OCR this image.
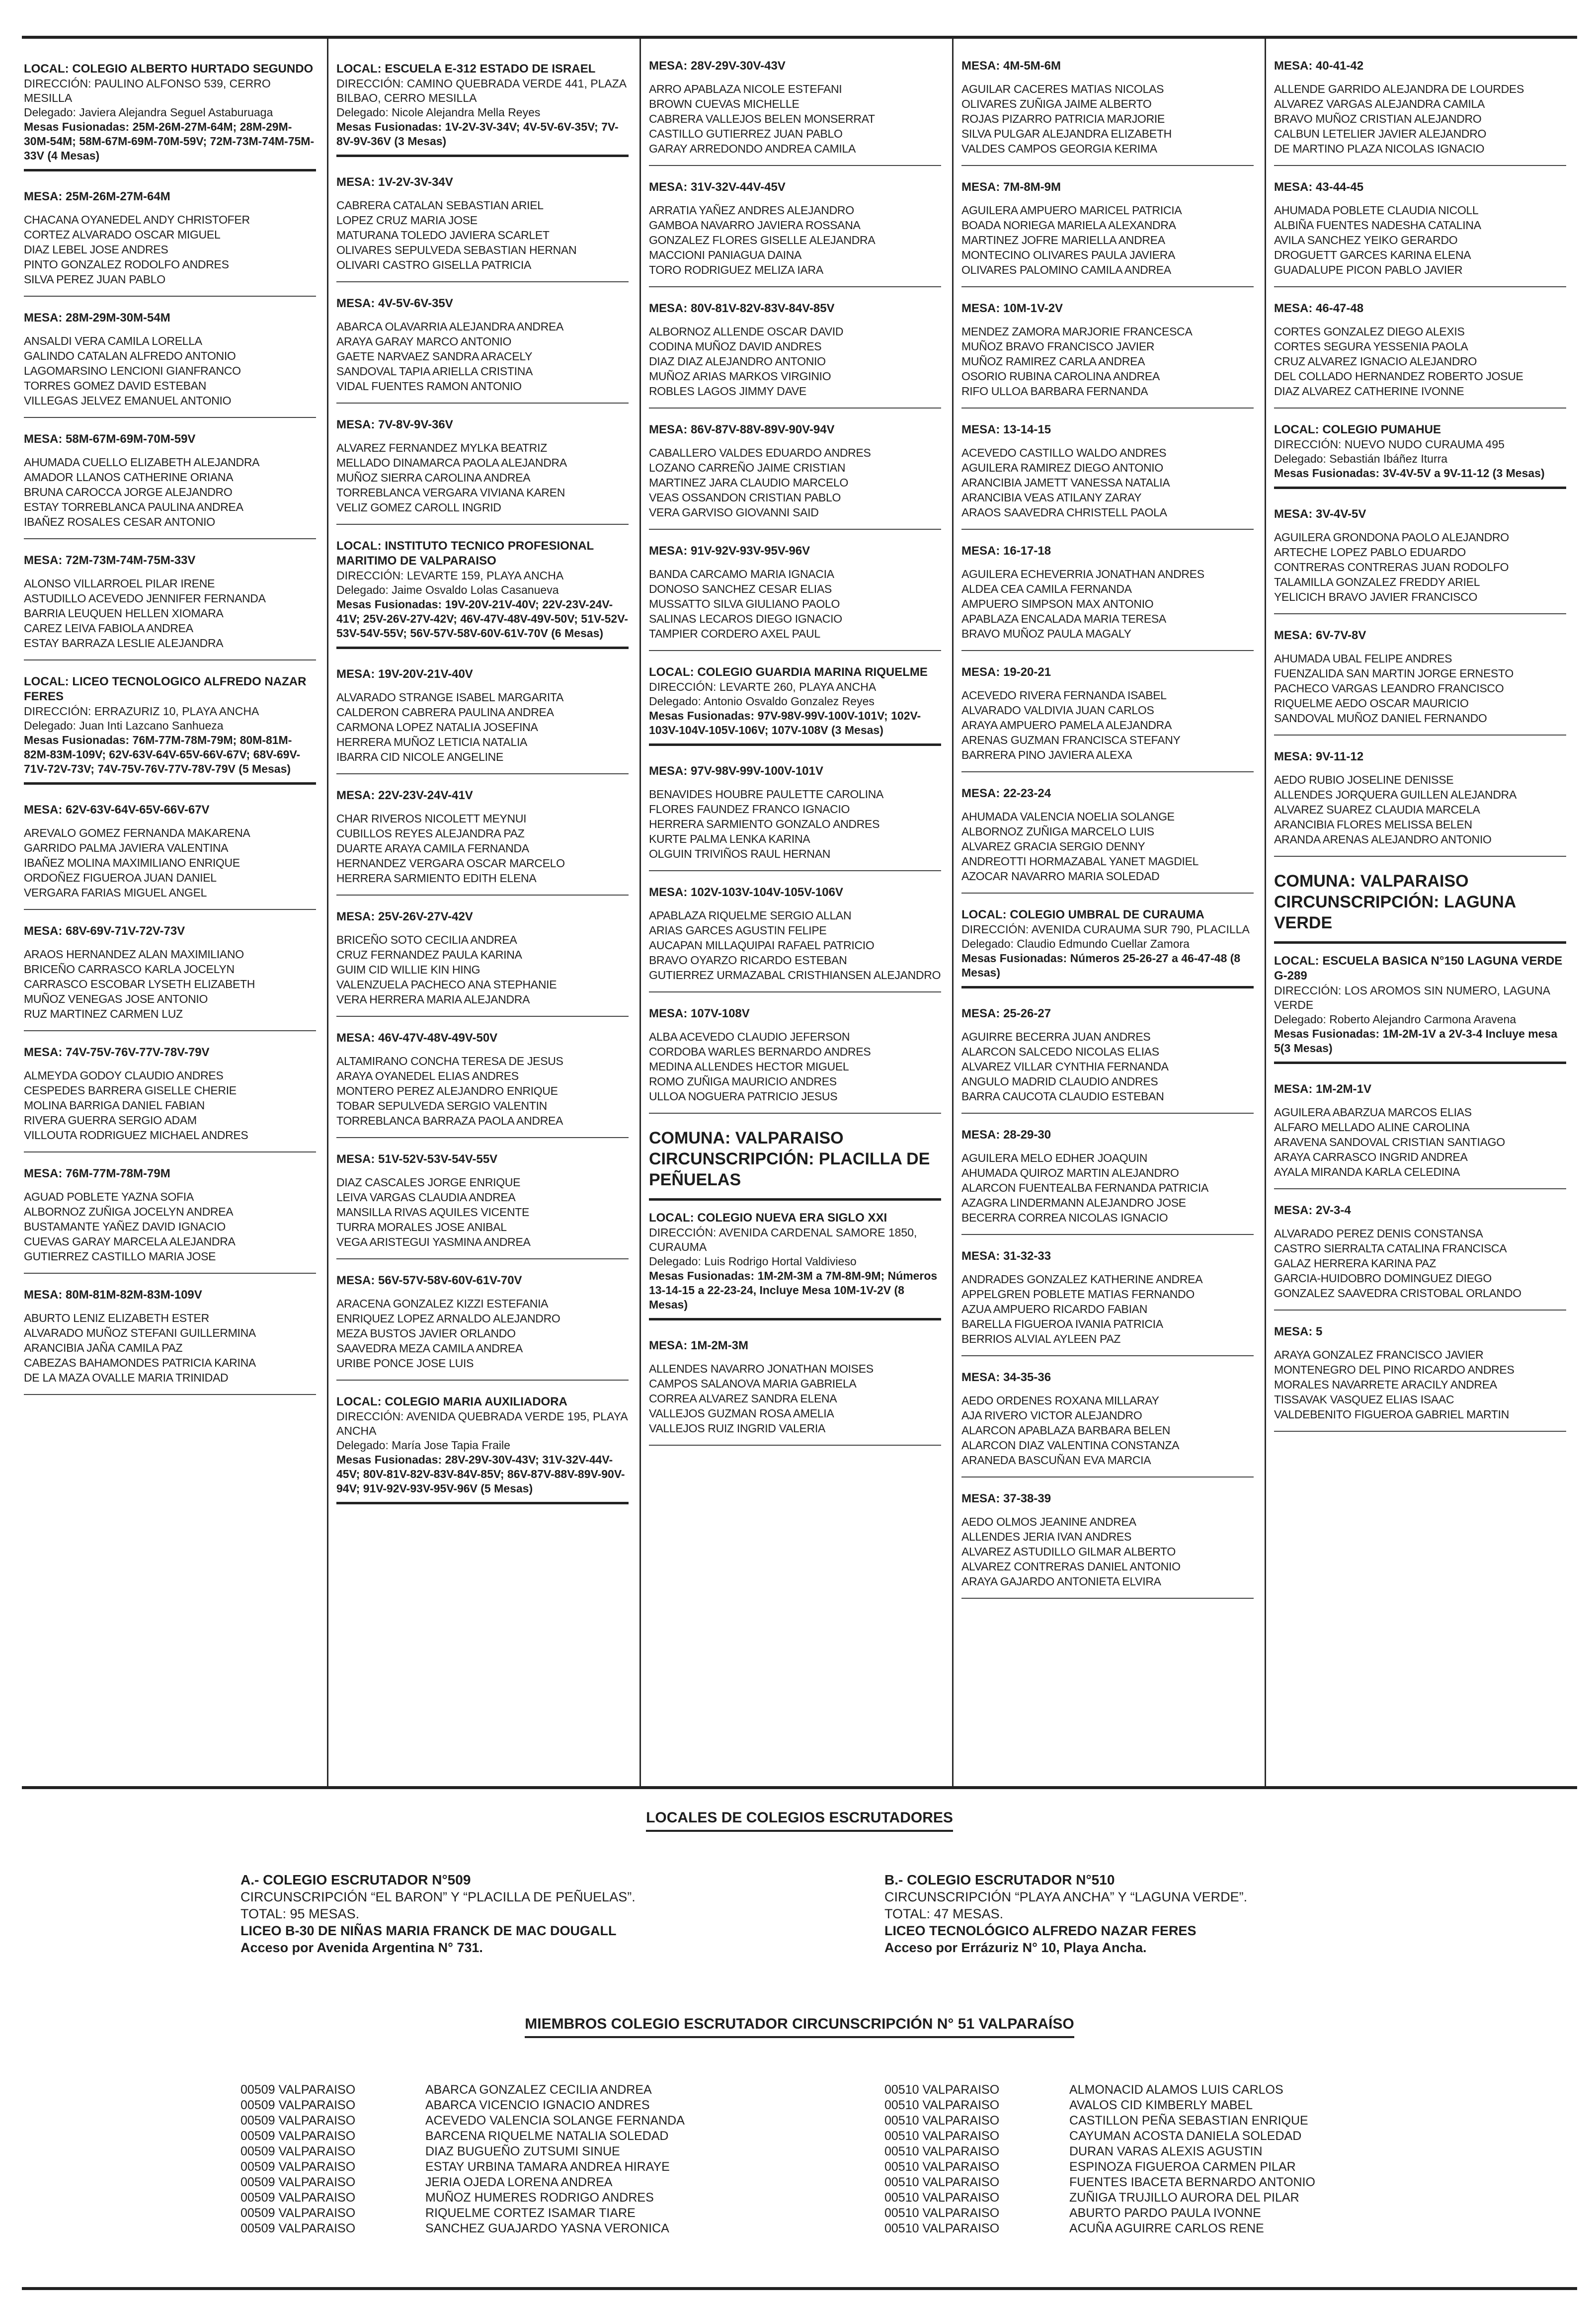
LOCAL: COLEGIO ALBERTO HURTADO SEGUNDO
DIRECCIÓN: PAULINO ALFONSO 539, CERRO MESILLA
Delegado: Javiera Alejandra Seguel Astaburuaga
Mesas Fusionadas: 25M-26M-27M-64M; 28M-29M-30M-54M; 58M-67M-69M-70M-59V; 72M-73M-74M-75M-33V (4 Mesas)
MESA: 25M-26M-27M-64M
CHACANA OYANEDEL ANDY CHRISTOFER
CORTEZ ALVARADO OSCAR MIGUEL
DIAZ LEBEL JOSE ANDRES
PINTO GONZALEZ RODOLFO ANDRES
SILVA PEREZ JUAN PABLO
MESA: 28M-29M-30M-54M
ANSALDI VERA CAMILA LORELLA
GALINDO CATALAN ALFREDO ANTONIO
LAGOMARSINO LENCIONI GIANFRANCO
TORRES GOMEZ DAVID ESTEBAN
VILLEGAS JELVEZ EMANUEL ANTONIO
MESA: 58M-67M-69M-70M-59V
AHUMADA CUELLO ELIZABETH ALEJANDRA
AMADOR LLANOS CATHERINE ORIANA
BRUNA CAROCCA JORGE ALEJANDRO
ESTAY TORREBLANCA PAULINA ANDREA
IBAÑEZ ROSALES CESAR ANTONIO
MESA: 72M-73M-74M-75M-33V
ALONSO VILLARROEL PILAR IRENE
ASTUDILLO ACEVEDO JENNIFER FERNANDA
BARRIA LEUQUEN HELLEN XIOMARA
CAREZ LEIVA FABIOLA ANDREA
ESTAY BARRAZA LESLIE ALEJANDRA
LOCAL: LICEO TECNOLOGICO ALFREDO NAZAR FERES
DIRECCIÓN: ERRAZURIZ 10, PLAYA ANCHA
Delegado: Juan Inti Lazcano Sanhueza
Mesas Fusionadas: 76M-77M-78M-79M; 80M-81M-82M-83M-109V; 62V-63V-64V-65V-66V-67V; 68V-69V-71V-72V-73V; 74V-75V-76V-77V-78V-79V (5 Mesas)
MESA: 62V-63V-64V-65V-66V-67V
AREVALO GOMEZ FERNANDA MAKARENA
GARRIDO PALMA JAVIERA VALENTINA
IBAÑEZ MOLINA MAXIMILIANO ENRIQUE
ORDOÑEZ FIGUEROA JUAN DANIEL
VERGARA FARIAS MIGUEL ANGEL
MESA: 68V-69V-71V-72V-73V
ARAOS HERNANDEZ ALAN MAXIMILIANO
BRICEÑO CARRASCO KARLA JOCELYN
CARRASCO ESCOBAR LYSETH ELIZABETH
MUÑOZ VENEGAS JOSE ANTONIO
RUZ MARTINEZ CARMEN LUZ
MESA: 74V-75V-76V-77V-78V-79V
ALMEYDA GODOY CLAUDIO ANDRES
CESPEDES BARRERA GISELLE CHERIE
MOLINA BARRIGA DANIEL FABIAN
RIVERA GUERRA SERGIO ADAM
VILLOUTA RODRIGUEZ MICHAEL ANDRES
MESA: 76M-77M-78M-79M
AGUAD POBLETE YAZNA SOFIA
ALBORNOZ ZUÑIGA JOCELYN ANDREA
BUSTAMANTE YAÑEZ DAVID IGNACIO
CUEVAS GARAY MARCELA ALEJANDRA
GUTIERREZ CASTILLO MARIA JOSE
MESA: 80M-81M-82M-83M-109V
ABURTO LENIZ ELIZABETH ESTER
ALVARADO MUÑOZ STEFANI GUILLERMINA
ARANCIBIA JAÑA CAMILA PAZ
CABEZAS BAHAMONDES PATRICIA KARINA
DE LA MAZA OVALLE MARIA TRINIDAD
LOCAL: ESCUELA E-312 ESTADO DE ISRAEL
DIRECCIÓN: CAMINO QUEBRADA VERDE 441, PLAZA BILBAO, CERRO MESILLA
Delegado: Nicole Alejandra Mella Reyes
Mesas Fusionadas: 1V-2V-3V-34V; 4V-5V-6V-35V; 7V-8V-9V-36V (3 Mesas)
MESA: 1V-2V-3V-34V
CABRERA CATALAN SEBASTIAN ARIEL
LOPEZ CRUZ MARIA JOSE
MATURANA TOLEDO JAVIERA SCARLET
OLIVARES SEPULVEDA SEBASTIAN HERNAN
OLIVARI CASTRO GISELLA PATRICIA
MESA: 4V-5V-6V-35V
ABARCA OLAVARRIA ALEJANDRA ANDREA
ARAYA GARAY MARCO ANTONIO
GAETE NARVAEZ SANDRA ARACELY
SANDOVAL TAPIA ARIELLA CRISTINA
VIDAL FUENTES RAMON ANTONIO
MESA: 7V-8V-9V-36V
ALVAREZ FERNANDEZ MYLKA BEATRIZ
MELLADO DINAMARCA PAOLA ALEJANDRA
MUÑOZ SIERRA CAROLINA ANDREA
TORREBLANCA VERGARA VIVIANA KAREN
VELIZ GOMEZ CAROLL INGRID
LOCAL: INSTITUTO TECNICO PROFESIONAL MARITIMO DE VALPARAISO
DIRECCIÓN: LEVARTE 159, PLAYA ANCHA
Delegado: Jaime Osvaldo Lolas Casanueva
Mesas Fusionadas: 19V-20V-21V-40V; 22V-23V-24V-41V; 25V-26V-27V-42V; 46V-47V-48V-49V-50V; 51V-52V-53V-54V-55V; 56V-57V-58V-60V-61V-70V (6 Mesas)
MESA: 19V-20V-21V-40V
ALVARADO STRANGE ISABEL MARGARITA
CALDERON CABRERA PAULINA ANDREA
CARMONA LOPEZ NATALIA JOSEFINA
HERRERA MUÑOZ LETICIA NATALIA
IBARRA CID NICOLE ANGELINE
MESA: 22V-23V-24V-41V
CHAR RIVEROS NICOLETT MEYNUI
CUBILLOS REYES ALEJANDRA PAZ
DUARTE ARAYA CAMILA FERNANDA
HERNANDEZ VERGARA OSCAR MARCELO
HERRERA SARMIENTO EDITH ELENA
MESA: 25V-26V-27V-42V
BRICEÑO SOTO CECILIA ANDREA
CRUZ FERNANDEZ PAULA KARINA
GUIM CID WILLIE KIN HING
VALENZUELA PACHECO ANA STEPHANIE
VERA HERRERA MARIA ALEJANDRA
MESA: 46V-47V-48V-49V-50V
ALTAMIRANO CONCHA TERESA DE JESUS
ARAYA OYANEDEL ELIAS ANDRES
MONTERO PEREZ ALEJANDRO ENRIQUE
TOBAR SEPULVEDA SERGIO VALENTIN
TORREBLANCA BARRAZA PAOLA ANDREA
MESA: 51V-52V-53V-54V-55V
DIAZ CASCALES JORGE ENRIQUE
LEIVA VARGAS CLAUDIA ANDREA
MANSILLA RIVAS AQUILES VICENTE
TURRA MORALES JOSE ANIBAL
VEGA ARISTEGUI YASMINA ANDREA
MESA: 56V-57V-58V-60V-61V-70V
ARACENA GONZALEZ KIZZI ESTEFANIA
ENRIQUEZ LOPEZ ARNALDO ALEJANDRO
MEZA BUSTOS JAVIER ORLANDO
SAAVEDRA MEZA CAMILA ANDREA
URIBE PONCE JOSE LUIS
LOCAL: COLEGIO MARIA AUXILIADORA
DIRECCIÓN: AVENIDA QUEBRADA VERDE 195, PLAYA ANCHA
Delegado: María Jose Tapia Fraile
Mesas Fusionadas: 28V-29V-30V-43V; 31V-32V-44V-45V; 80V-81V-82V-83V-84V-85V; 86V-87V-88V-89V-90V-94V; 91V-92V-93V-95V-96V (5 Mesas)
MESA: 28V-29V-30V-43V
ARRO APABLAZA NICOLE ESTEFANI
BROWN CUEVAS MICHELLE
CABRERA VALLEJOS BELEN MONSERRAT
CASTILLO GUTIERREZ JUAN PABLO
GARAY ARREDONDO ANDREA CAMILA
MESA: 31V-32V-44V-45V
ARRATIA YAÑEZ ANDRES ALEJANDRO
GAMBOA NAVARRO JAVIERA ROSSANA
GONZALEZ FLORES GISELLE ALEJANDRA
MACCIONI PANIAGUA DAINA
TORO RODRIGUEZ MELIZA IARA
MESA: 80V-81V-82V-83V-84V-85V
ALBORNOZ ALLENDE OSCAR DAVID
CODINA MUÑOZ DAVID ANDRES
DIAZ DIAZ ALEJANDRO ANTONIO
MUÑOZ ARIAS MARKOS VIRGINIO
ROBLES LAGOS JIMMY DAVE
MESA: 86V-87V-88V-89V-90V-94V
CABALLERO VALDES EDUARDO ANDRES
LOZANO CARREÑO JAIME CRISTIAN
MARTINEZ JARA CLAUDIO MARCELO
VEAS OSSANDON CRISTIAN PABLO
VERA GARVISO GIOVANNI SAID
MESA: 91V-92V-93V-95V-96V
BANDA CARCAMO MARIA IGNACIA
DONOSO SANCHEZ CESAR ELIAS
MUSSATTO SILVA GIULIANO PAOLO
SALINAS LECAROS DIEGO IGNACIO
TAMPIER CORDERO AXEL PAUL
LOCAL: COLEGIO GUARDIA MARINA RIQUELME
DIRECCIÓN: LEVARTE 260, PLAYA ANCHA
Delegado: Antonio Osvaldo Gonzalez Reyes
Mesas Fusionadas: 97V-98V-99V-100V-101V; 102V-103V-104V-105V-106V; 107V-108V (3 Mesas)
MESA: 97V-98V-99V-100V-101V
BENAVIDES HOUBRE PAULETTE CAROLINA
FLORES FAUNDEZ FRANCO IGNACIO
HERRERA SARMIENTO GONZALO ANDRES
KURTE PALMA LENKA KARINA
OLGUIN TRIVIÑOS RAUL HERNAN
MESA: 102V-103V-104V-105V-106V
APABLAZA RIQUELME SERGIO ALLAN
ARIAS GARCES AGUSTIN FELIPE
AUCAPAN MILLAQUIPAI RAFAEL PATRICIO
BRAVO OYARZO RICARDO ESTEBAN
GUTIERREZ URMAZABAL CRISTHIANSEN ALEJANDRO
MESA: 107V-108V
ALBA ACEVEDO CLAUDIO JEFERSON
CORDOBA WARLES BERNARDO ANDRES
MEDINA ALLENDES HECTOR MIGUEL
ROMO ZUÑIGA MAURICIO ANDRES
ULLOA NOGUERA PATRICIO JESUS
COMUNA: VALPARAISO CIRCUNSCRIPCIÓN: PLACILLA DE PEÑUELAS
LOCAL: COLEGIO NUEVA ERA SIGLO XXI
DIRECCIÓN: AVENIDA CARDENAL SAMORE 1850, CURAUMA
Delegado: Luis Rodrigo Hortal Valdivieso
Mesas Fusionadas: 1M-2M-3M a 7M-8M-9M; Números 13-14-15 a 22-23-24, Incluye Mesa 10M-1V-2V (8 Mesas)
MESA: 1M-2M-3M
ALLENDES NAVARRO JONATHAN MOISES
CAMPOS SALANOVA MARIA GABRIELA
CORREA ALVAREZ SANDRA ELENA
VALLEJOS GUZMAN ROSA AMELIA
VALLEJOS RUIZ INGRID VALERIA
MESA: 4M-5M-6M
AGUILAR CACERES MATIAS NICOLAS
OLIVARES ZUÑIGA JAIME ALBERTO
ROJAS PIZARRO PATRICIA MARJORIE
SILVA PULGAR ALEJANDRA ELIZABETH
VALDES CAMPOS GEORGIA KERIMA
MESA: 7M-8M-9M
AGUILERA AMPUERO MARICEL PATRICIA
BOADA NORIEGA MARIELA ALEXANDRA
MARTINEZ JOFRE MARIELLA ANDREA
MONTECINO OLIVARES PAULA JAVIERA
OLIVARES PALOMINO CAMILA ANDREA
MESA: 10M-1V-2V
MENDEZ ZAMORA MARJORIE FRANCESCA
MUÑOZ BRAVO FRANCISCO JAVIER
MUÑOZ RAMIREZ CARLA ANDREA
OSORIO RUBINA CAROLINA ANDREA
RIFO ULLOA BARBARA FERNANDA
MESA: 13-14-15
ACEVEDO CASTILLO WALDO ANDRES
AGUILERA RAMIREZ DIEGO ANTONIO
ARANCIBIA JAMETT VANESSA NATALIA
ARANCIBIA VEAS ATILANY ZARAY
ARAOS SAAVEDRA CHRISTELL PAOLA
MESA: 16-17-18
AGUILERA ECHEVERRIA JONATHAN ANDRES
ALDEA CEA CAMILA FERNANDA
AMPUERO SIMPSON MAX ANTONIO
APABLAZA ENCALADA MARIA TERESA
BRAVO MUÑOZ PAULA MAGALY
MESA: 19-20-21
ACEVEDO RIVERA FERNANDA ISABEL
ALVARADO VALDIVIA JUAN CARLOS
ARAYA AMPUERO PAMELA ALEJANDRA
ARENAS GUZMAN FRANCISCA STEFANY
BARRERA PINO JAVIERA ALEXA
MESA: 22-23-24
AHUMADA VALENCIA NOELIA SOLANGE
ALBORNOZ ZUÑIGA MARCELO LUIS
ALVAREZ GRACIA SERGIO DENNY
ANDREOTTI HORMAZABAL YANET MAGDIEL
AZOCAR NAVARRO MARIA SOLEDAD
LOCAL: COLEGIO UMBRAL DE CURAUMA
DIRECCIÓN: AVENIDA CURAUMA SUR 790, PLACILLA
Delegado: Claudio Edmundo Cuellar Zamora
Mesas Fusionadas: Números 25-26-27 a 46-47-48 (8 Mesas)
MESA: 25-26-27
AGUIRRE BECERRA JUAN ANDRES
ALARCON SALCEDO NICOLAS ELIAS
ALVAREZ VILLAR CYNTHIA FERNANDA
ANGULO MADRID CLAUDIO ANDRES
BARRA CAUCOTA CLAUDIO ESTEBAN
MESA: 28-29-30
AGUILERA MELO EDHER JOAQUIN
AHUMADA QUIROZ MARTIN ALEJANDRO
ALARCON FUENTEALBA FERNANDA PATRICIA
AZAGRA LINDERMANN ALEJANDRO JOSE
BECERRA CORREA NICOLAS IGNACIO
MESA: 31-32-33
ANDRADES GONZALEZ KATHERINE ANDREA
APPELGREN POBLETE MATIAS FERNANDO
AZUA AMPUERO RICARDO FABIAN
BARELLA FIGUEROA IVANIA PATRICIA
BERRIOS ALVIAL AYLEEN PAZ
MESA: 34-35-36
AEDO ORDENES ROXANA MILLARAY
AJA RIVERO VICTOR ALEJANDRO
ALARCON APABLAZA BARBARA BELEN
ALARCON DIAZ VALENTINA CONSTANZA
ARANEDA BASCUÑAN EVA MARCIA
MESA: 37-38-39
AEDO OLMOS JEANINE ANDREA
ALLENDES JERIA IVAN ANDRES
ALVAREZ ASTUDILLO GILMAR ALBERTO
ALVAREZ CONTRERAS DANIEL ANTONIO
ARAYA GAJARDO ANTONIETA ELVIRA
MESA: 40-41-42
ALLENDE GARRIDO ALEJANDRA DE LOURDES
ALVAREZ VARGAS ALEJANDRA CAMILA
BRAVO MUÑOZ CRISTIAN ALEJANDRO
CALBUN LETELIER JAVIER ALEJANDRO
DE MARTINO PLAZA NICOLAS IGNACIO
MESA: 43-44-45
AHUMADA POBLETE CLAUDIA NICOLL
ALBIÑA FUENTES NADESHA CATALINA
AVILA SANCHEZ YEIKO GERARDO
DROGUETT GARCES KARINA ELENA
GUADALUPE PICON PABLO JAVIER
MESA: 46-47-48
CORTES GONZALEZ DIEGO ALEXIS
CORTES SEGURA YESSENIA PAOLA
CRUZ ALVAREZ IGNACIO ALEJANDRO
DEL COLLADO HERNANDEZ ROBERTO JOSUE
DIAZ ALVAREZ CATHERINE IVONNE
LOCAL: COLEGIO PUMAHUE
DIRECCIÓN: NUEVO NUDO CURAUMA 495
Delegado: Sebastián Ibáñez Iturra
Mesas Fusionadas: 3V-4V-5V a 9V-11-12 (3 Mesas)
MESA: 3V-4V-5V
AGUILERA GRONDONA PAOLO ALEJANDRO
ARTECHE LOPEZ PABLO EDUARDO
CONTRERAS CONTRERAS JUAN RODOLFO
TALAMILLA GONZALEZ FREDDY ARIEL
YELICICH BRAVO JAVIER FRANCISCO
MESA: 6V-7V-8V
AHUMADA UBAL FELIPE ANDRES
FUENZALIDA SAN MARTIN JORGE ERNESTO
PACHECO VARGAS LEANDRO FRANCISCO
RIQUELME AEDO OSCAR MAURICIO
SANDOVAL MUÑOZ DANIEL FERNANDO
MESA: 9V-11-12
AEDO RUBIO JOSELINE DENISSE
ALLENDES JORQUERA GUILLEN ALEJANDRA
ALVAREZ SUAREZ CLAUDIA MARCELA
ARANCIBIA FLORES MELISSA BELEN
ARANDA ARENAS ALEJANDRO ANTONIO
COMUNA: VALPARAISO CIRCUNSCRIPCIÓN: LAGUNA VERDE
LOCAL: ESCUELA BASICA N°150 LAGUNA VERDE G-289
DIRECCIÓN: LOS AROMOS SIN NUMERO, LAGUNA VERDE
Delegado: Roberto Alejandro Carmona Aravena
Mesas Fusionadas: 1M-2M-1V a 2V-3-4 Incluye mesa 5(3 Mesas)
MESA: 1M-2M-1V
AGUILERA ABARZUA MARCOS ELIAS
ALFARO MELLADO ALINE CAROLINA
ARAVENA SANDOVAL CRISTIAN SANTIAGO
ARAYA CARRASCO INGRID ANDREA
AYALA MIRANDA KARLA CELEDINA
MESA: 2V-3-4
ALVARADO PEREZ DENIS CONSTANSA
CASTRO SIERRALTA CATALINA FRANCISCA
GALAZ HERRERA KARINA PAZ
GARCIA-HUIDOBRO DOMINGUEZ DIEGO
GONZALEZ SAAVEDRA CRISTOBAL ORLANDO
MESA: 5
ARAYA GONZALEZ FRANCISCO JAVIER
MONTENEGRO DEL PINO RICARDO ANDRES
MORALES NAVARRETE ARACILY ANDREA
TISSAVAK VASQUEZ ELIAS ISAAC
VALDEBENITO FIGUEROA GABRIEL MARTIN
LOCALES DE COLEGIOS ESCRUTADORES
A.- COLEGIO ESCRUTADOR N°509
CIRCUNSCRIPCIÓN “EL BARON” Y “PLACILLA DE PEÑUELAS”.
TOTAL: 95 MESAS.
LICEO B-30 DE NIÑAS MARIA FRANCK DE MAC DOUGALL
Acceso por Avenida Argentina N° 731.
B.- COLEGIO ESCRUTADOR N°510
CIRCUNSCRIPCIÓN “PLAYA ANCHA” Y “LAGUNA VERDE”.
TOTAL: 47 MESAS.
LICEO TECNOLÓGICO ALFREDO NAZAR FERES
Acceso por Errázuriz N° 10, Playa Ancha.
MIEMBROS COLEGIO ESCRUTADOR CIRCUNSCRIPCIÓN N° 51 VALPARAÍSO
00509 VALPARAISO	ABARCA GONZALEZ CECILIA ANDREA
00509 VALPARAISO	ABARCA VICENCIO IGNACIO ANDRES
00509 VALPARAISO	ACEVEDO VALENCIA SOLANGE FERNANDA
00509 VALPARAISO	BARCENA RIQUELME NATALIA SOLEDAD
00509 VALPARAISO	DIAZ BUGUEÑO ZUTSUMI SINUE
00509 VALPARAISO	ESTAY URBINA TAMARA ANDREA HIRAYE
00509 VALPARAISO	JERIA OJEDA LORENA ANDREA
00509 VALPARAISO	MUÑOZ HUMERES RODRIGO ANDRES
00509 VALPARAISO	RIQUELME CORTEZ ISAMAR TIARE
00509 VALPARAISO	SANCHEZ GUAJARDO YASNA VERONICA
00510 VALPARAISO	ALMONACID ALAMOS LUIS CARLOS
00510 VALPARAISO	AVALOS CID KIMBERLY MABEL
00510 VALPARAISO	CASTILLON PEÑA SEBASTIAN ENRIQUE
00510 VALPARAISO	CAYUMAN ACOSTA DANIELA SOLEDAD
00510 VALPARAISO	DURAN VARAS ALEXIS AGUSTIN
00510 VALPARAISO	ESPINOZA FIGUEROA CARMEN PILAR
00510 VALPARAISO	FUENTES IBACETA BERNARDO ANTONIO
00510 VALPARAISO	ZUÑIGA TRUJILLO AURORA DEL PILAR
00510 VALPARAISO	ABURTO PARDO PAULA IVONNE
00510 VALPARAISO	ACUÑA AGUIRRE CARLOS RENE
